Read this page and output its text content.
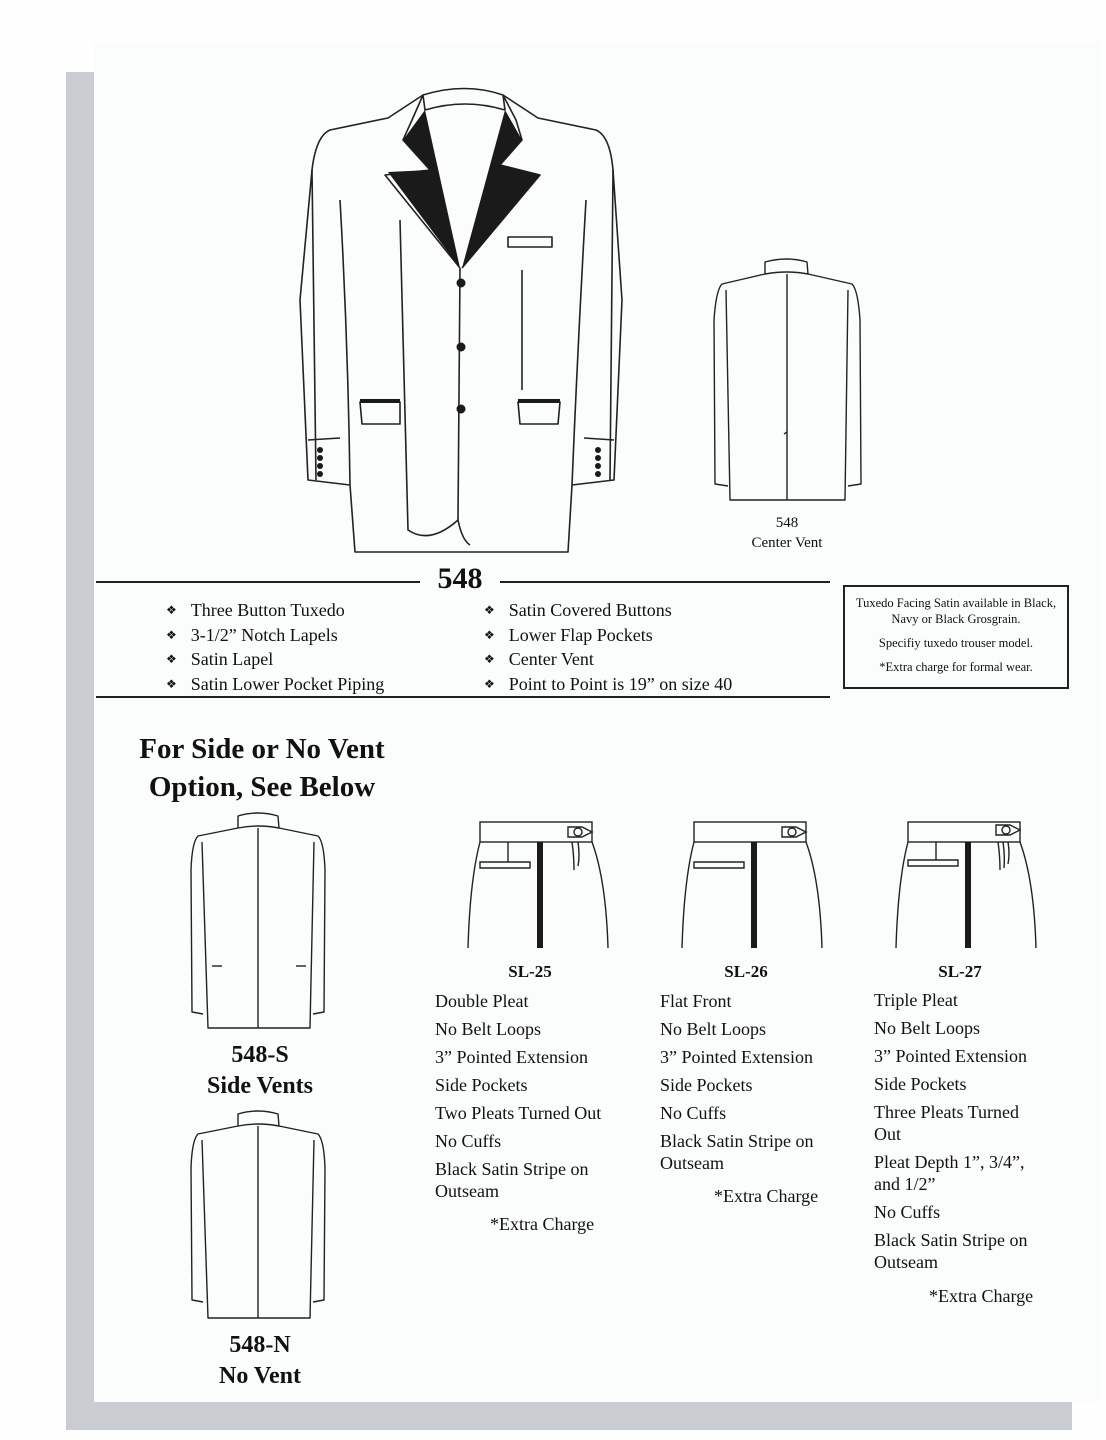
548
Center Vent
548
❖ Three Button Tuxedo
❖ 3-1/2” Notch Lapels
❖ Satin Lapel
❖ Satin Lower Pocket Piping
❖ Satin Covered Buttons
❖ Lower Flap Pockets
❖ Center Vent
❖ Point to Point is 19” on size 40
Tuxedo Facing Satin available in Black, Navy or Black Grosgrain.
Specifiy tuxedo trouser model.
*Extra charge for formal wear.
For Side or No Vent Option, See Below
548-S
Side Vents
548-N
No Vent
SL-25
Double Pleat
No Belt Loops
3” Pointed Extension
Side Pockets
Two Pleats Turned Out
No Cuffs
Black Satin Stripe on Outseam
*Extra Charge
SL-26
Flat Front
No Belt Loops
3” Pointed Extension
Side Pockets
No Cuffs
Black Satin Stripe on Outseam
*Extra Charge
SL-27
Triple Pleat
No Belt Loops
3” Pointed Extension
Side Pockets
Three Pleats Turned Out
Pleat Depth 1”, 3/4”, and 1/2”
No Cuffs
Black Satin Stripe on Outseam
*Extra Charge
